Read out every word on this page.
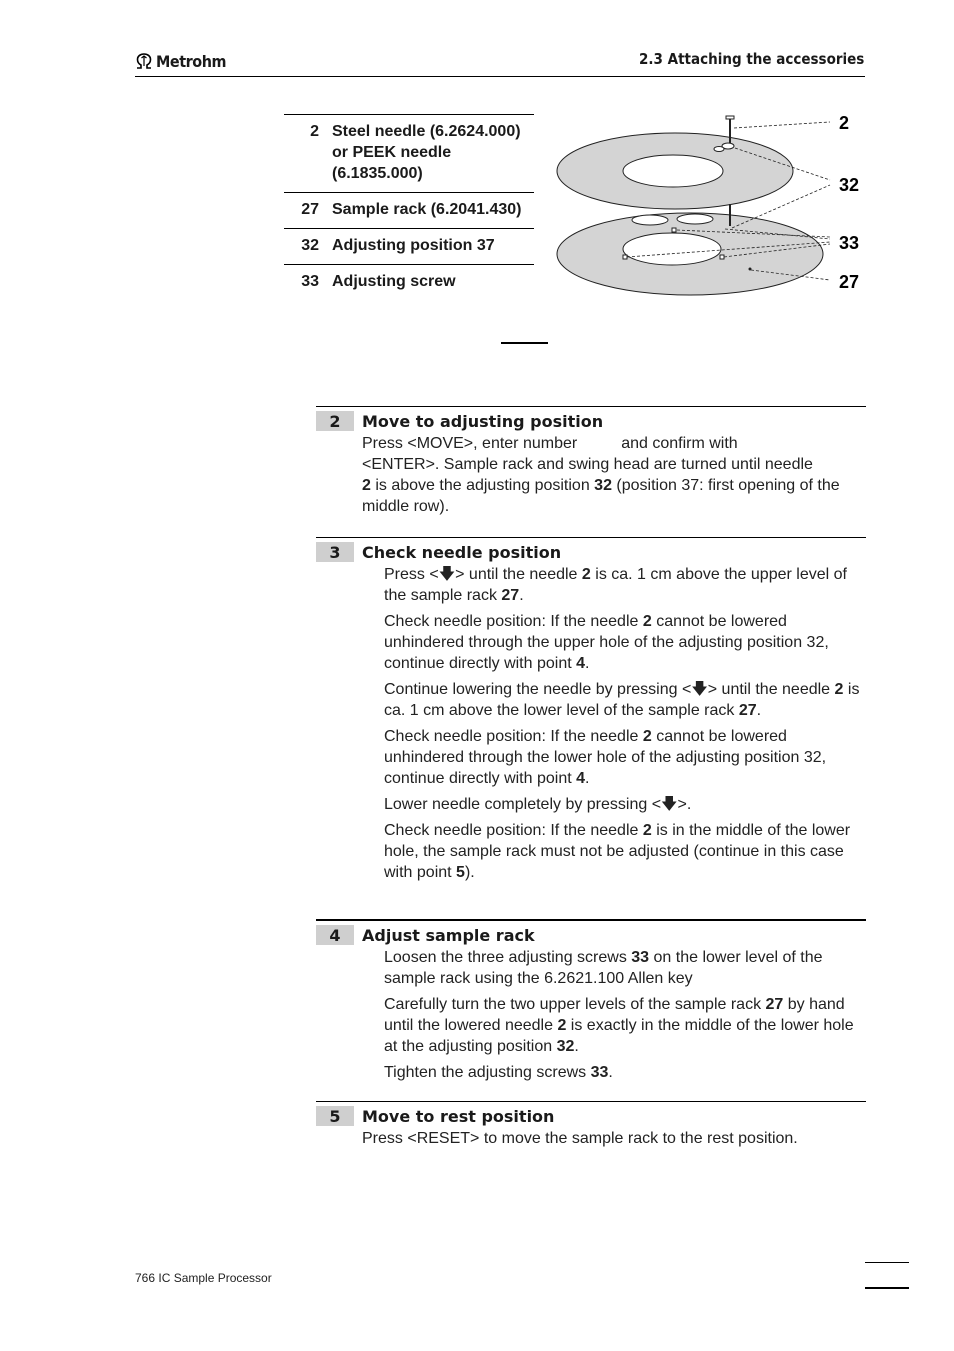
Metrohm	2.3 Attaching the accessories
2 Steel needle (6.2624.000) or PEEK needle (6.1835.000)
27 Sample rack (6.2041.430)
32 Adjusting position 37
33 Adjusting screw
2
32
33
27
2	Move to adjusting position

Press <MOVE>, enter number	and confirm with
<ENTER>. Sample rack and swing head are turned until needle
2 is above the adjusting position 32 (position 37: first opening of the middle row).

3	Check needle position

Press <🡇> until the needle 2 is ca. 1 cm above the upper level of the sample rack 27.

Check needle position: If the needle 2 cannot be lowered unhindered through the upper hole of the adjusting position 32, continue directly with point 4.

Continue lowering the needle by pressing <🡇> until the needle 2 is ca. 1 cm above the lower level of the sample rack 27.

Check needle position: If the needle 2 cannot be lowered unhindered through the lower hole of the adjusting position 32, continue directly with point 4.

Lower needle completely by pressing <🡇>.

Check needle position: If the needle 2 is in the middle of the lower hole, the sample rack must not be adjusted (continue in this case with point 5).

4	Adjust sample rack

Loosen the three adjusting screws 33 on the lower level of the sample rack using the 6.2621.100 Allen key

Carefully turn the two upper levels of the sample rack 27 by hand until the lowered needle 2 is exactly in the middle of the lower hole at the adjusting position 32.

Tighten the adjusting screws 33.

5	Move to rest position

Press <RESET> to move the sample rack to the rest position.

766 IC Sample Processor
